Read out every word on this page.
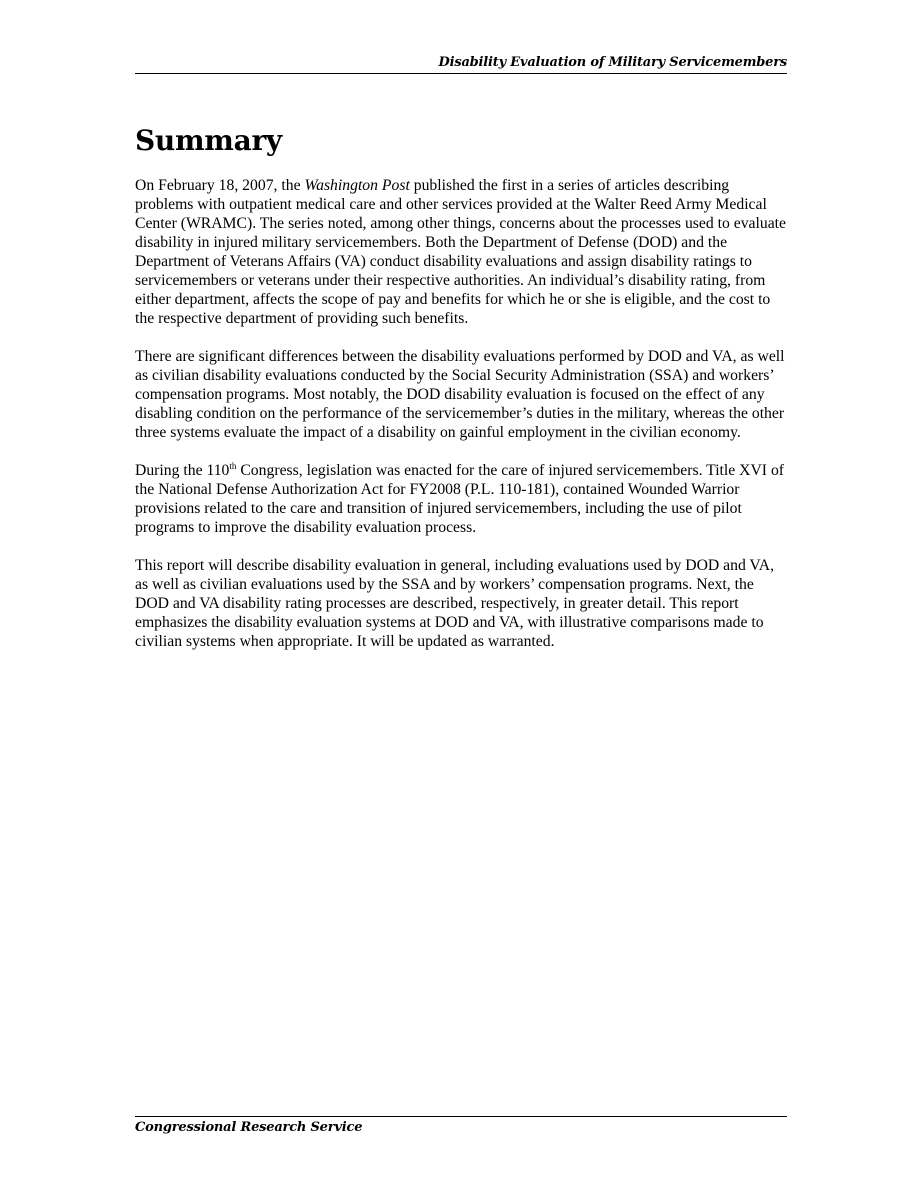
Disability Evaluation of Military Servicemembers
Summary

On February 18, 2007, the Washington Post published the first in a series of articles describing problems with outpatient medical care and other services provided at the Walter Reed Army Medical Center (WRAMC). The series noted, among other things, concerns about the processes used to evaluate disability in injured military servicemembers. Both the Department of Defense (DOD) and the Department of Veterans Affairs (VA) conduct disability evaluations and assign disability ratings to servicemembers or veterans under their respective authorities. An individual’s disability rating, from either department, affects the scope of pay and benefits for which he or she is eligible, and the cost to the respective department of providing such benefits.

There are significant differences between the disability evaluations performed by DOD and VA, as well as civilian disability evaluations conducted by the Social Security Administration (SSA) and workers’ compensation programs. Most notably, the DOD disability evaluation is focused on the effect of any disabling condition on the performance of the servicemember’s duties in the military, whereas the other three systems evaluate the impact of a disability on gainful employment in the civilian economy.

During the 110th Congress, legislation was enacted for the care of injured servicemembers. Title XVI of the National Defense Authorization Act for FY2008 (P.L. 110-181), contained Wounded Warrior provisions related to the care and transition of injured servicemembers, including the use of pilot programs to improve the disability evaluation process.

This report will describe disability evaluation in general, including evaluations used by DOD and VA, as well as civilian evaluations used by the SSA and by workers’ compensation programs. Next, the DOD and VA disability rating processes are described, respectively, in greater detail. This report emphasizes the disability evaluation systems at DOD and VA, with illustrative comparisons made to civilian systems when appropriate. It will be updated as warranted.

Congressional Research Service
